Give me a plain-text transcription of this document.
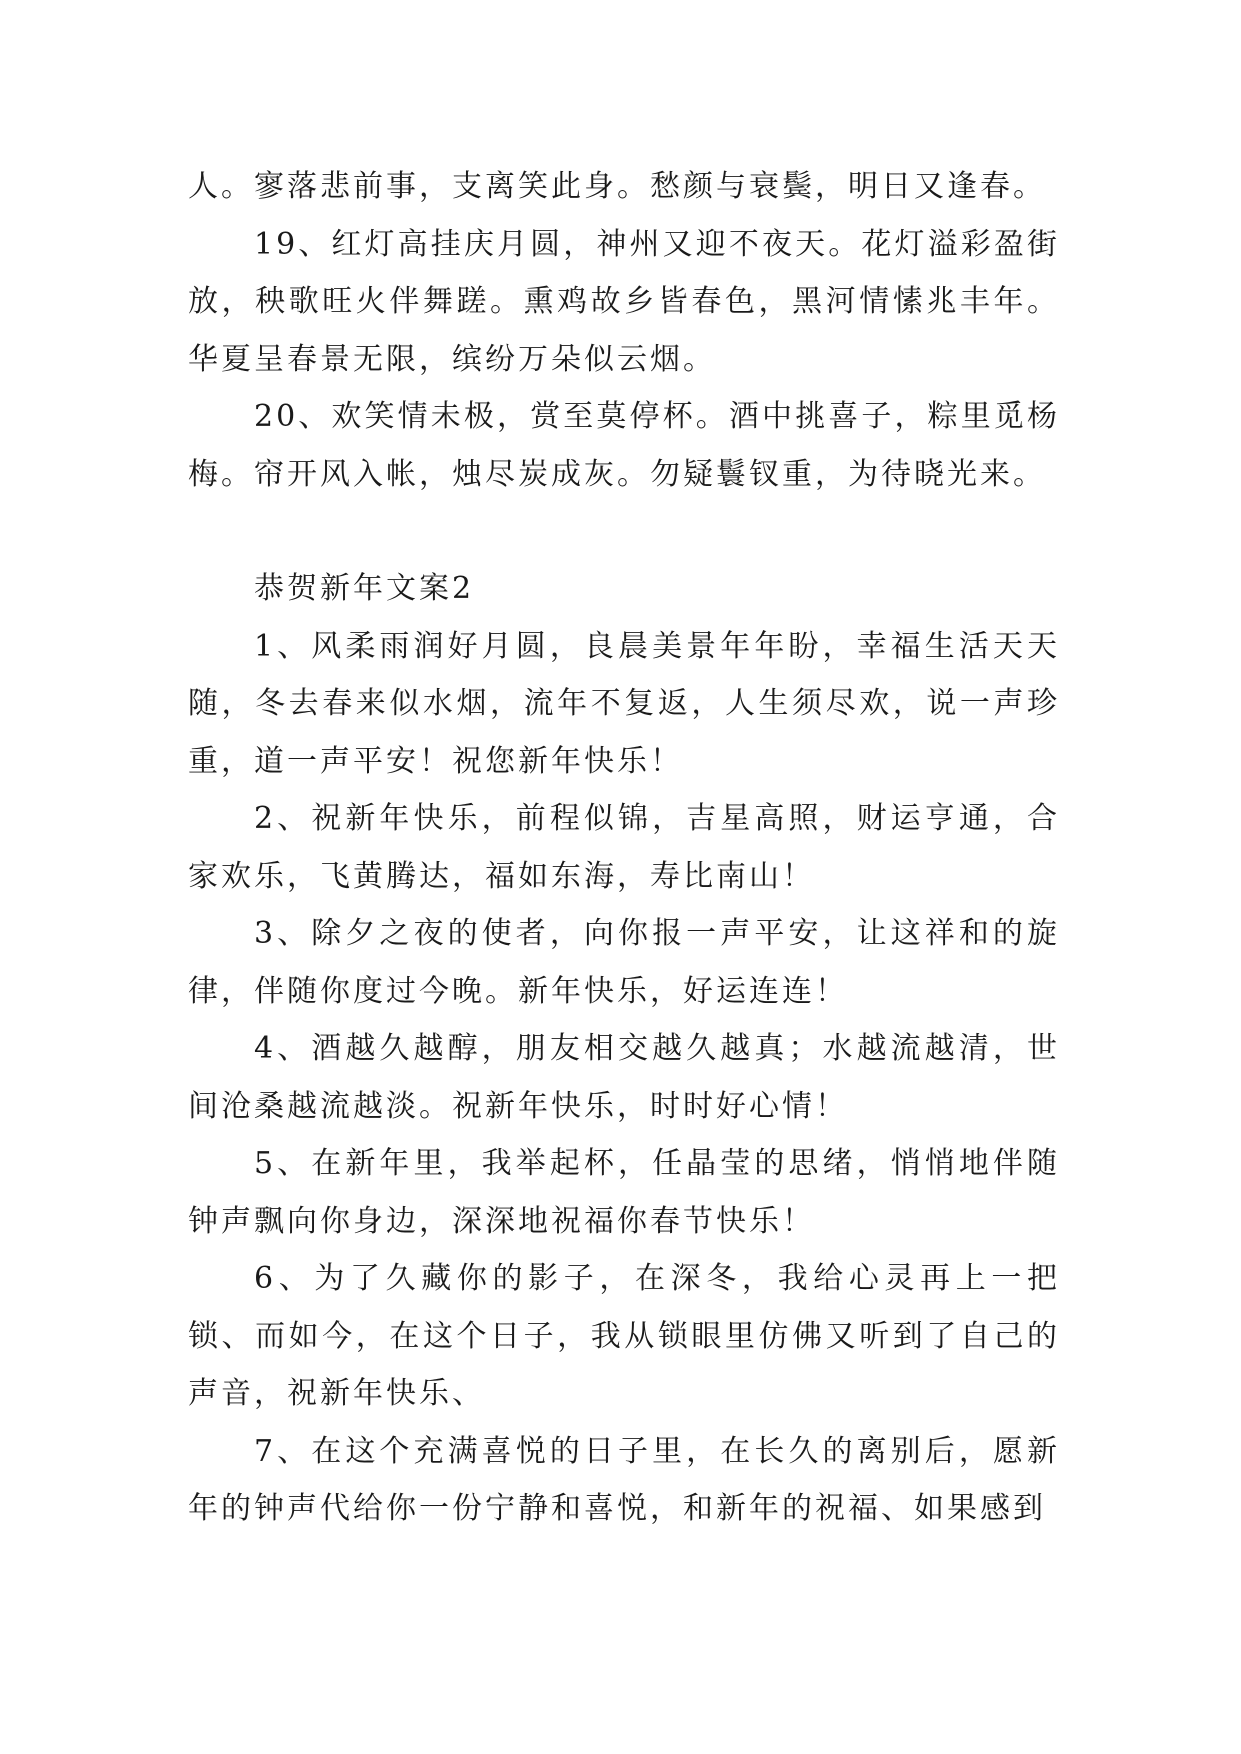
人。寥落悲前事，支离笑此身。愁颜与衰鬓，明日又逢春。

19、红灯高挂庆月圆，神州又迎不夜天。花灯溢彩盈街放，秧歌旺火伴舞蹉。熏鸡故乡皆春色，黑河情愫兆丰年。华夏呈春景无限，缤纷万朵似云烟。

20、欢笑情未极，赏至莫停杯。酒中挑喜子，粽里觅杨梅。帘开风入帐，烛尽炭成灰。勿疑鬟钗重，为待晓光来。

恭贺新年文案2

1、风柔雨润好月圆，良晨美景年年盼，幸福生活天天随，冬去春来似水烟，流年不复返，人生须尽欢，说一声珍重，道一声平安！祝您新年快乐！

2、祝新年快乐，前程似锦，吉星高照，财运亨通，合家欢乐，飞黄腾达，福如东海，寿比南山！

3、除夕之夜的使者，向你报一声平安，让这祥和的旋律，伴随你度过今晚。新年快乐，好运连连！

4、酒越久越醇，朋友相交越久越真；水越流越清，世间沧桑越流越淡。祝新年快乐，时时好心情！

5、在新年里，我举起杯，任晶莹的思绪，悄悄地伴随钟声飘向你身边，深深地祝福你春节快乐！

6、为了久藏你的影子，在深冬，我给心灵再上一把锁、而如今，在这个日子，我从锁眼里仿佛又听到了自己的声音，祝新年快乐、

7、在这个充满喜悦的日子里，在长久的离别后，愿新年的钟声代给你一份宁静和喜悦，和新年的祝福、如果感到
